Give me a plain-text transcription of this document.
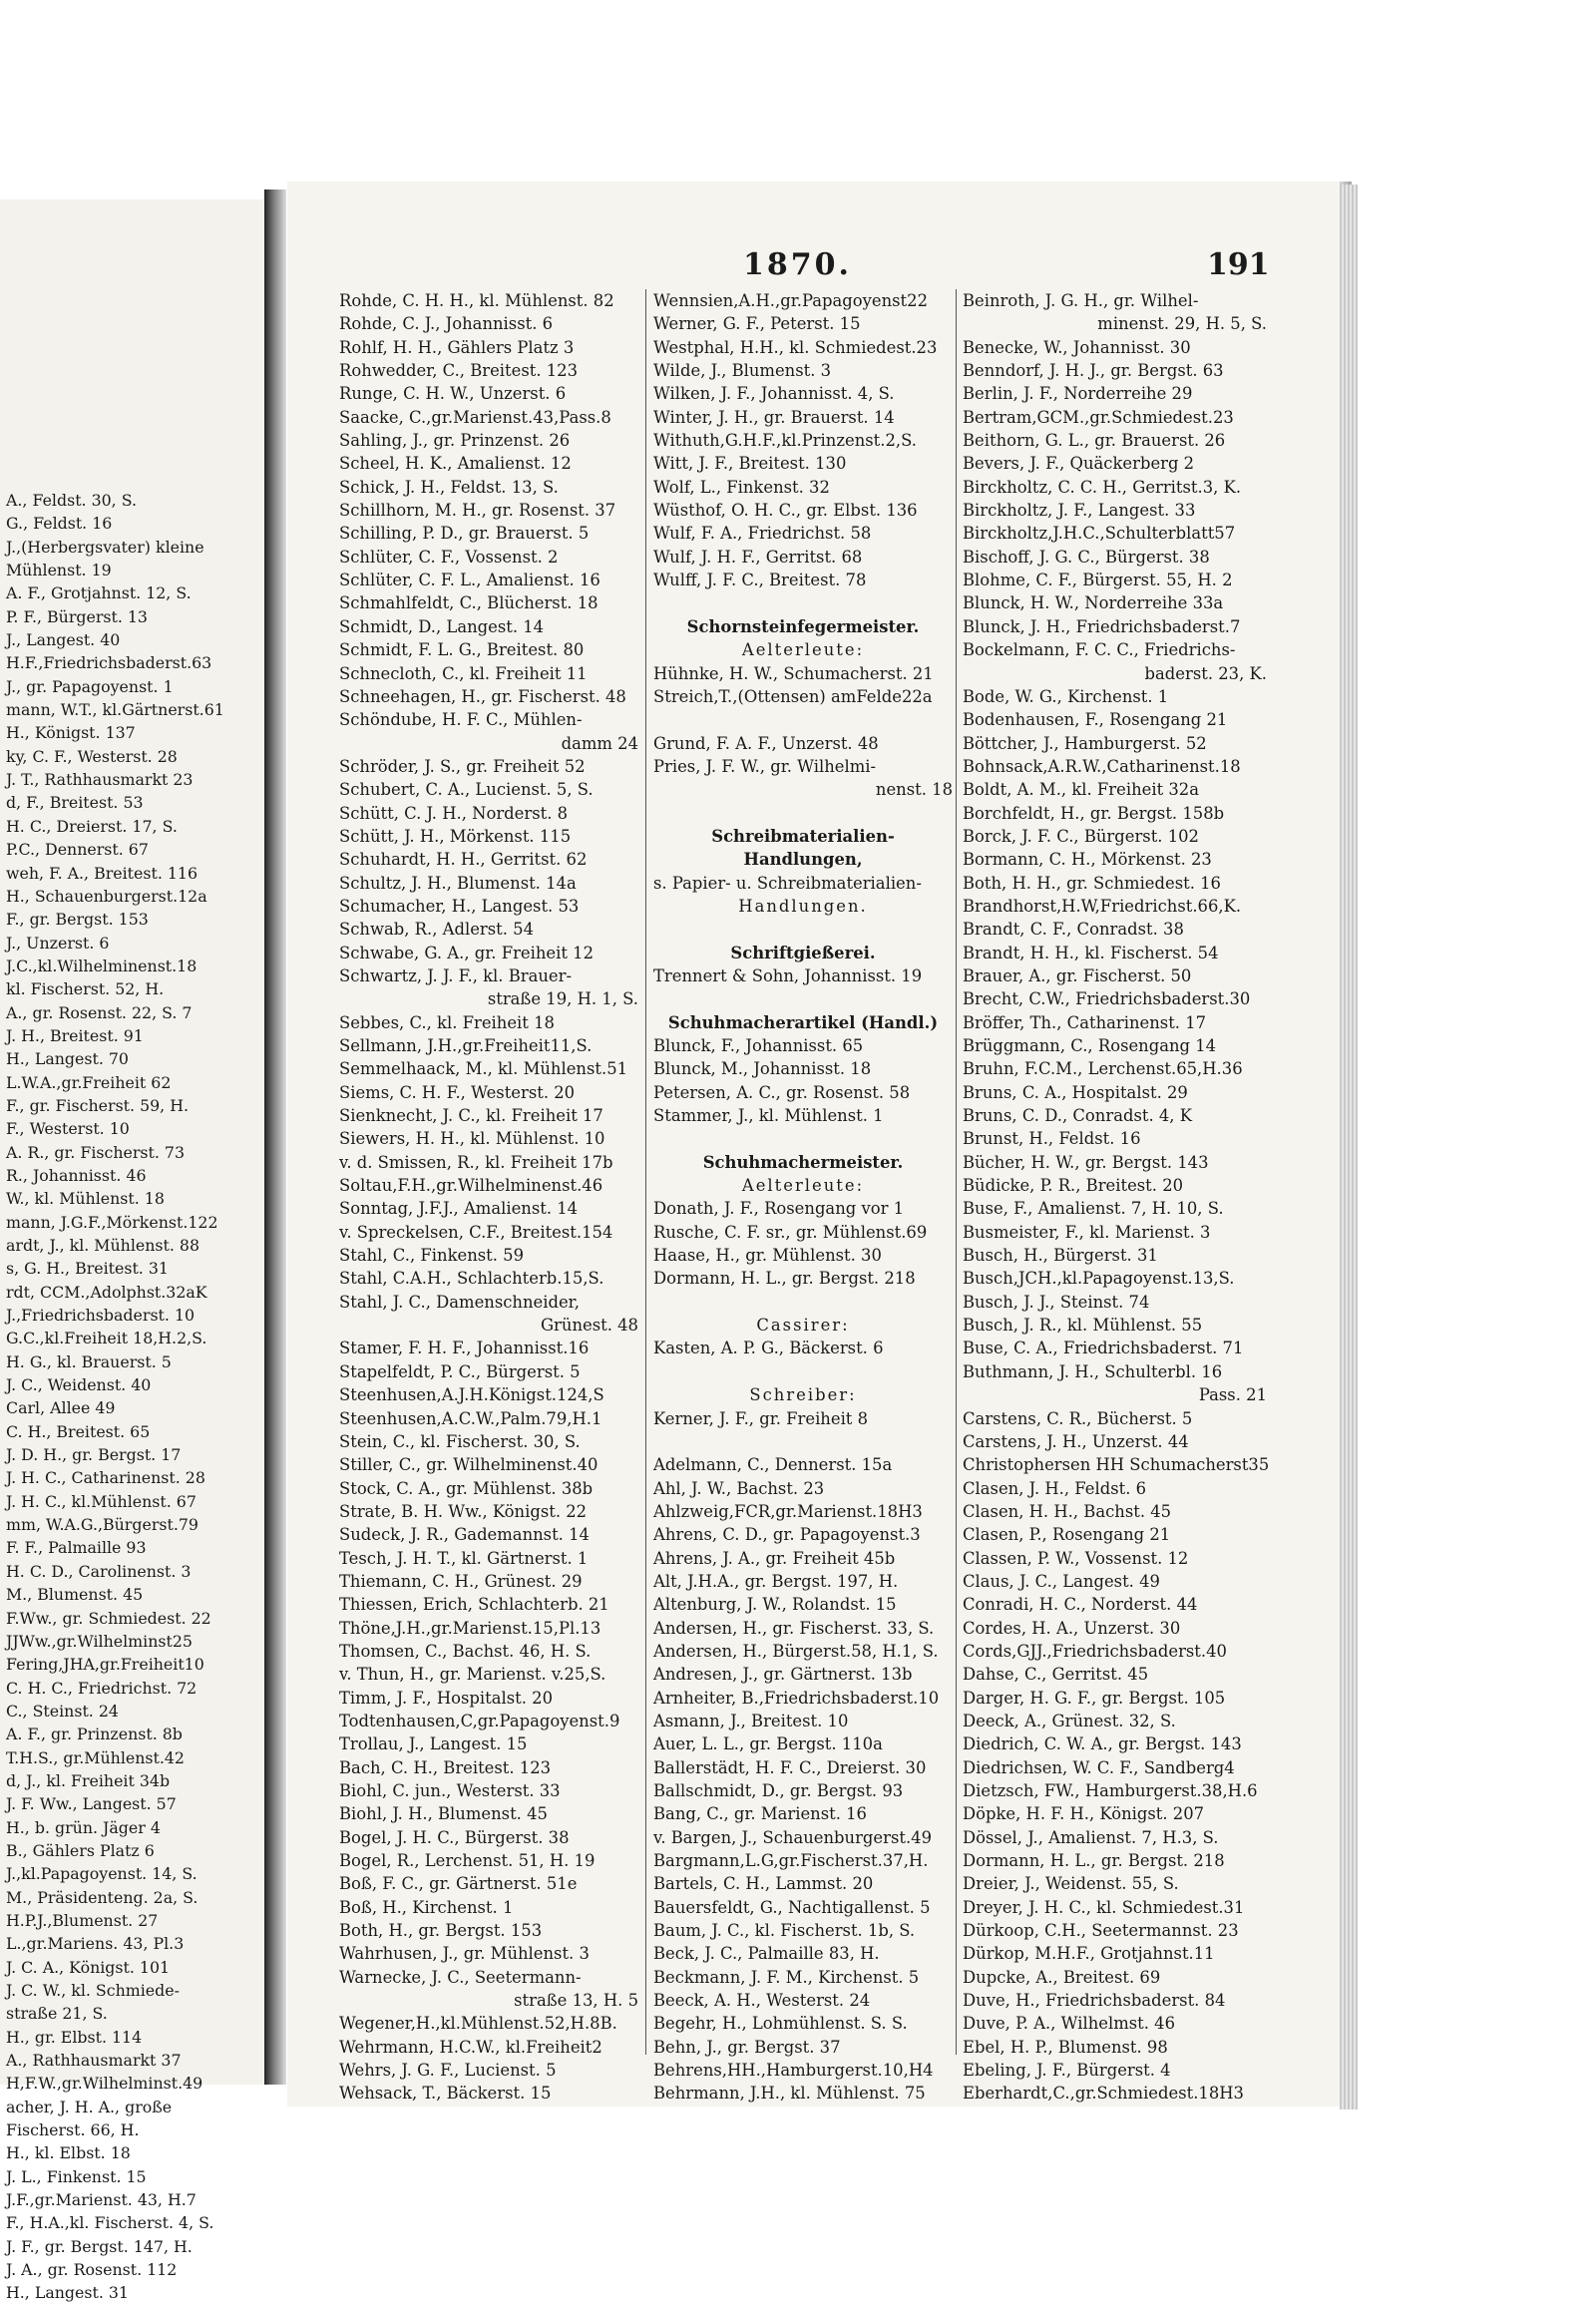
A., Feldst. 30, S.
G., Feldst. 16
J.,(Herbergsvater) kleine
Mühlenst. 19
A. F., Grotjahnst. 12, S.
P. F., Bürgerst. 13
J., Langest. 40
H.F.,Friedrichsbaderst.63
J., gr. Papagoyenst. 1
mann, W.T., kl.Gärtnerst.61
H., Königst. 137
ky, C. F., Westerst. 28
J. T., Rathhausmarkt 23
d, F., Breitest. 53
H. C., Dreierst. 17, S.
P.C., Dennerst. 67
weh, F. A., Breitest. 116
H., Schauenburgerst.12a
F., gr. Bergst. 153
J., Unzerst. 6
J.C.,kl.Wilhelminenst.18
kl. Fischerst. 52, H.
A., gr. Rosenst. 22, S. 7
J. H., Breitest. 91
H., Langest. 70
L.W.A.,gr.Freiheit 62
F., gr. Fischerst. 59, H.
F., Westerst. 10
A. R., gr. Fischerst. 73
R., Johannisst. 46
W., kl. Mühlenst. 18
mann, J.G.F.,Mörkenst.122
ardt, J., kl. Mühlenst. 88
s, G. H., Breitest. 31
rdt, CCM.,Adolphst.32aK
J.,Friedrichsbaderst. 10
G.C.,kl.Freiheit 18,H.2,S.
H. G., kl. Brauerst. 5
J. C., Weidenst. 40
Carl, Allee 49
C. H., Breitest. 65
J. D. H., gr. Bergst. 17
J. H. C., Catharinenst. 28
J. H. C., kl.Mühlenst. 67
mm, W.A.G.,Bürgerst.79
F. F., Palmaille 93
H. C. D., Carolinenst. 3
M., Blumenst. 45
F.Ww., gr. Schmiedest. 22
JJWw.,gr.Wilhelminst25
Fering,JHA,gr.Freiheit10
C. H. C., Friedrichst. 72
C., Steinst. 24
A. F., gr. Prinzenst. 8b
T.H.S., gr.Mühlenst.42
d, J., kl. Freiheit 34b
J. F. Ww., Langest. 57
H., b. grün. Jäger 4
B., Gählers Platz 6
J.,kl.Papagoyenst. 14, S.
M., Präsidenteng. 2a, S.
H.P.J.,Blumenst. 27
L.,gr.Mariens. 43, Pl.3
J. C. A., Königst. 101
J. C. W., kl. Schmiede-
straße 21, S.
H., gr. Elbst. 114
A., Rathhausmarkt 37
H,F.W.,gr.Wilhelminst.49
acher, J. H. A., große
Fischerst. 66, H.
H., kl. Elbst. 18
J. L., Finkenst. 15
J.F.,gr.Marienst. 43, H.7
F., H.A.,kl. Fischerst. 4, S.
J. F., gr. Bergst. 147, H.
J. A., gr. Rosenst. 112
H., Langest. 31
1870.	191
Rohde, C. H. H., kl. Mühlenst. 82
Rohde, C. J., Johannisst. 6
Rohlf, H. H., Gählers Platz 3
Rohwedder, C., Breitest. 123
Runge, C. H. W., Unzerst. 6
Saacke, C.,gr.Marienst.43,Pass.8
Sahling, J., gr. Prinzenst. 26
Scheel, H. K., Amalienst. 12
Schick, J. H., Feldst. 13, S.
Schillhorn, M. H., gr. Rosenst. 37
Schilling, P. D., gr. Brauerst. 5
Schlüter, C. F., Vossenst. 2
Schlüter, C. F. L., Amalienst. 16
Schmahlfeldt, C., Blücherst. 18
Schmidt, D., Langest. 14
Schmidt, F. L. G., Breitest. 80
Schnecloth, C., kl. Freiheit 11
Schneehagen, H., gr. Fischerst. 48
Schöndube, H. F. C., Mühlen-
damm 24
Schröder, J. S., gr. Freiheit 52
Schubert, C. A., Lucienst. 5, S.
Schütt, C. J. H., Norderst. 8
Schütt, J. H., Mörkenst. 115
Schuhardt, H. H., Gerritst. 62
Schultz, J. H., Blumenst. 14a
Schumacher, H., Langest. 53
Schwab, R., Adlerst. 54
Schwabe, G. A., gr. Freiheit 12
Schwartz, J. J. F., kl. Brauer-
straße 19, H. 1, S.
Sebbes, C., kl. Freiheit 18
Sellmann, J.H.,gr.Freiheit11,S.
Semmelhaack, M., kl. Mühlenst.51
Siems, C. H. F., Westerst. 20
Sienknecht, J. C., kl. Freiheit 17
Siewers, H. H., kl. Mühlenst. 10
v. d. Smissen, R., kl. Freiheit 17b
Soltau,F.H.,gr.Wilhelminenst.46
Sonntag, J.F.J., Amalienst. 14
v. Spreckelsen, C.F., Breitest.154
Stahl, C., Finkenst. 59
Stahl, C.A.H., Schlachterb.15,S.
Stahl, J. C., Damenschneider,
Grünest. 48
Stamer, F. H. F., Johannisst.16
Stapelfeldt, P. C., Bürgerst. 5
Steenhusen,A.J.H.Königst.124,S
Steenhusen,A.C.W.,Palm.79,H.1
Stein, C., kl. Fischerst. 30, S.
Stiller, C., gr. Wilhelminenst.40
Stock, C. A., gr. Mühlenst. 38b
Strate, B. H. Ww., Königst. 22
Sudeck, J. R., Gademannst. 14
Tesch, J. H. T., kl. Gärtnerst. 1
Thiemann, C. H., Grünest. 29
Thiessen, Erich, Schlachterb. 21
Thöne,J.H.,gr.Marienst.15,Pl.13
Thomsen, C., Bachst. 46, H. S.
v. Thun, H., gr. Marienst. v.25,S.
Timm, J. F., Hospitalst. 20
Todtenhausen,C,gr.Papagoyenst.9
Trollau, J., Langest. 15
Bach, C. H., Breitest. 123
Biohl, C. jun., Westerst. 33
Biohl, J. H., Blumenst. 45
Bogel, J. H. C., Bürgerst. 38
Bogel, R., Lerchenst. 51, H. 19
Boß, F. C., gr. Gärtnerst. 51e
Boß, H., Kirchenst. 1
Both, H., gr. Bergst. 153
Wahrhusen, J., gr. Mühlenst. 3
Warnecke, J. C., Seetermann-
straße 13, H. 5
Wegener,H.,kl.Mühlenst.52,H.8B.
Wehrmann, H.C.W., kl.Freiheit2
Wehrs, J. G. F., Lucienst. 5
Wehsack, T., Bäckerst. 15
Wennsien,A.H.,gr.Papagoyenst22
Werner, G. F., Peterst. 15
Westphal, H.H., kl. Schmiedest.23
Wilde, J., Blumenst. 3
Wilken, J. F., Johannisst. 4, S.
Winter, J. H., gr. Brauerst. 14
Withuth,G.H.F.,kl.Prinzenst.2,S.
Witt, J. F., Breitest. 130
Wolf, L., Finkenst. 32
Wüsthof, O. H. C., gr. Elbst. 136
Wulf, F. A., Friedrichst. 58
Wulf, J. H. F., Gerritst. 68
Wulff, J. F. C., Breitest. 78
Schornsteinfegermeister.
Aelterleute:
Hühnke, H. W., Schumacherst. 21
Streich,T.,(Ottensen) amFelde22a
Grund, F. A. F., Unzerst. 48
Pries, J. F. W., gr. Wilhelmi-
nenst. 18
Schreibmaterialien-
Handlungen,
s. Papier- u. Schreibmaterialien-
Handlungen.
Schriftgießerei.
Trennert & Sohn, Johannisst. 19
Schuhmacherartikel (Handl.)
Blunck, F., Johannisst. 65
Blunck, M., Johannisst. 18
Petersen, A. C., gr. Rosenst. 58
Stammer, J., kl. Mühlenst. 1
Schuhmachermeister.
Aelterleute:
Donath, J. F., Rosengang vor 1
Rusche, C. F. sr., gr. Mühlenst.69
Haase, H., gr. Mühlenst. 30
Dormann, H. L., gr. Bergst. 218
Cassirer:
Kasten, A. P. G., Bäckerst. 6
Schreiber:
Kerner, J. F., gr. Freiheit 8
Adelmann, C., Dennerst. 15a
Ahl, J. W., Bachst. 23
Ahlzweig,FCR,gr.Marienst.18H3
Ahrens, C. D., gr. Papagoyenst.3
Ahrens, J. A., gr. Freiheit 45b
Alt, J.H.A., gr. Bergst. 197, H.
Altenburg, J. W., Rolandst. 15
Andersen, H., gr. Fischerst. 33, S.
Andersen, H., Bürgerst.58, H.1, S.
Andresen, J., gr. Gärtnerst. 13b
Arnheiter, B.,Friedrichsbaderst.10
Asmann, J., Breitest. 10
Auer, L. L., gr. Bergst. 110a
Ballerstädt, H. F. C., Dreierst. 30
Ballschmidt, D., gr. Bergst. 93
Bang, C., gr. Marienst. 16
v. Bargen, J., Schauenburgerst.49
Bargmann,L.G,gr.Fischerst.37,H.
Bartels, C. H., Lammst. 20
Bauersfeldt, G., Nachtigallenst. 5
Baum, J. C., kl. Fischerst. 1b, S.
Beck, J. C., Palmaille 83, H.
Beckmann, J. F. M., Kirchenst. 5
Beeck, A. H., Westerst. 24
Begehr, H., Lohmühlenst. S. S.
Behn, J., gr. Bergst. 37
Behrens,HH.,Hamburgerst.10,H4
Behrmann, J.H., kl. Mühlenst. 75
Beinroth, J. G. H., gr. Wilhel-
minenst. 29, H. 5, S.
Benecke, W., Johannisst. 30
Benndorf, J. H. J., gr. Bergst. 63
Berlin, J. F., Norderreihe 29
Bertram,GCM.,gr.Schmiedest.23
Beithorn, G. L., gr. Brauerst. 26
Bevers, J. F., Quäckerberg 2
Birckholtz, C. C. H., Gerritst.3, K.
Birckholtz, J. F., Langest. 33
Birckholtz,J.H.C.,Schulterblatt57
Bischoff, J. G. C., Bürgerst. 38
Blohme, C. F., Bürgerst. 55, H. 2
Blunck, H. W., Norderreihe 33a
Blunck, J. H., Friedrichsbaderst.7
Bockelmann, F. C. C., Friedrichs-
baderst. 23, K.
Bode, W. G., Kirchenst. 1
Bodenhausen, F., Rosengang 21
Böttcher, J., Hamburgerst. 52
Bohnsack,A.R.W.,Catharinenst.18
Boldt, A. M., kl. Freiheit 32a
Borchfeldt, H., gr. Bergst. 158b
Borck, J. F. C., Bürgerst. 102
Bormann, C. H., Mörkenst. 23
Both, H. H., gr. Schmiedest. 16
Brandhorst,H.W,Friedrichst.66,K.
Brandt, C. F., Conradst. 38
Brandt, H. H., kl. Fischerst. 54
Brauer, A., gr. Fischerst. 50
Brecht, C.W., Friedrichsbaderst.30
Bröffer, Th., Catharinenst. 17
Brüggmann, C., Rosengang 14
Bruhn, F.C.M., Lerchenst.65,H.36
Bruns, C. A., Hospitalst. 29
Bruns, C. D., Conradst. 4, K
Brunst, H., Feldst. 16
Bücher, H. W., gr. Bergst. 143
Büdicke, P. R., Breitest. 20
Buse, F., Amalienst. 7, H. 10, S.
Busmeister, F., kl. Marienst. 3
Busch, H., Bürgerst. 31
Busch,JCH.,kl.Papagoyenst.13,S.
Busch, J. J., Steinst. 74
Busch, J. R., kl. Mühlenst. 55
Buse, C. A., Friedrichsbaderst. 71
Buthmann, J. H., Schulterbl. 16
Pass. 21
Carstens, C. R., Bücherst. 5
Carstens, J. H., Unzerst. 44
Christophersen HH Schumacherst35
Clasen, J. H., Feldst. 6
Clasen, H. H., Bachst. 45
Clasen, P., Rosengang 21
Classen, P. W., Vossenst. 12
Claus, J. C., Langest. 49
Conradi, H. C., Norderst. 44
Cordes, H. A., Unzerst. 30
Cords,GJJ.,Friedrichsbaderst.40
Dahse, C., Gerritst. 45
Darger, H. G. F., gr. Bergst. 105
Deeck, A., Grünest. 32, S.
Diedrich, C. W. A., gr. Bergst. 143
Diedrichsen, W. C. F., Sandberg4
Dietzsch, FW., Hamburgerst.38,H.6
Döpke, H. F. H., Königst. 207
Dössel, J., Amalienst. 7, H.3, S.
Dormann, H. L., gr. Bergst. 218
Dreier, J., Weidenst. 55, S.
Dreyer, J. H. C., kl. Schmiedest.31
Dürkoop, C.H., Seetermannst. 23
Dürkop, M.H.F., Grotjahnst.11
Dupcke, A., Breitest. 69
Duve, H., Friedrichsbaderst. 84
Duve, P. A., Wilhelmst. 46
Ebel, H. P., Blumenst. 98
Ebeling, J. F., Bürgerst. 4
Eberhardt,C.,gr.Schmiedest.18H3
